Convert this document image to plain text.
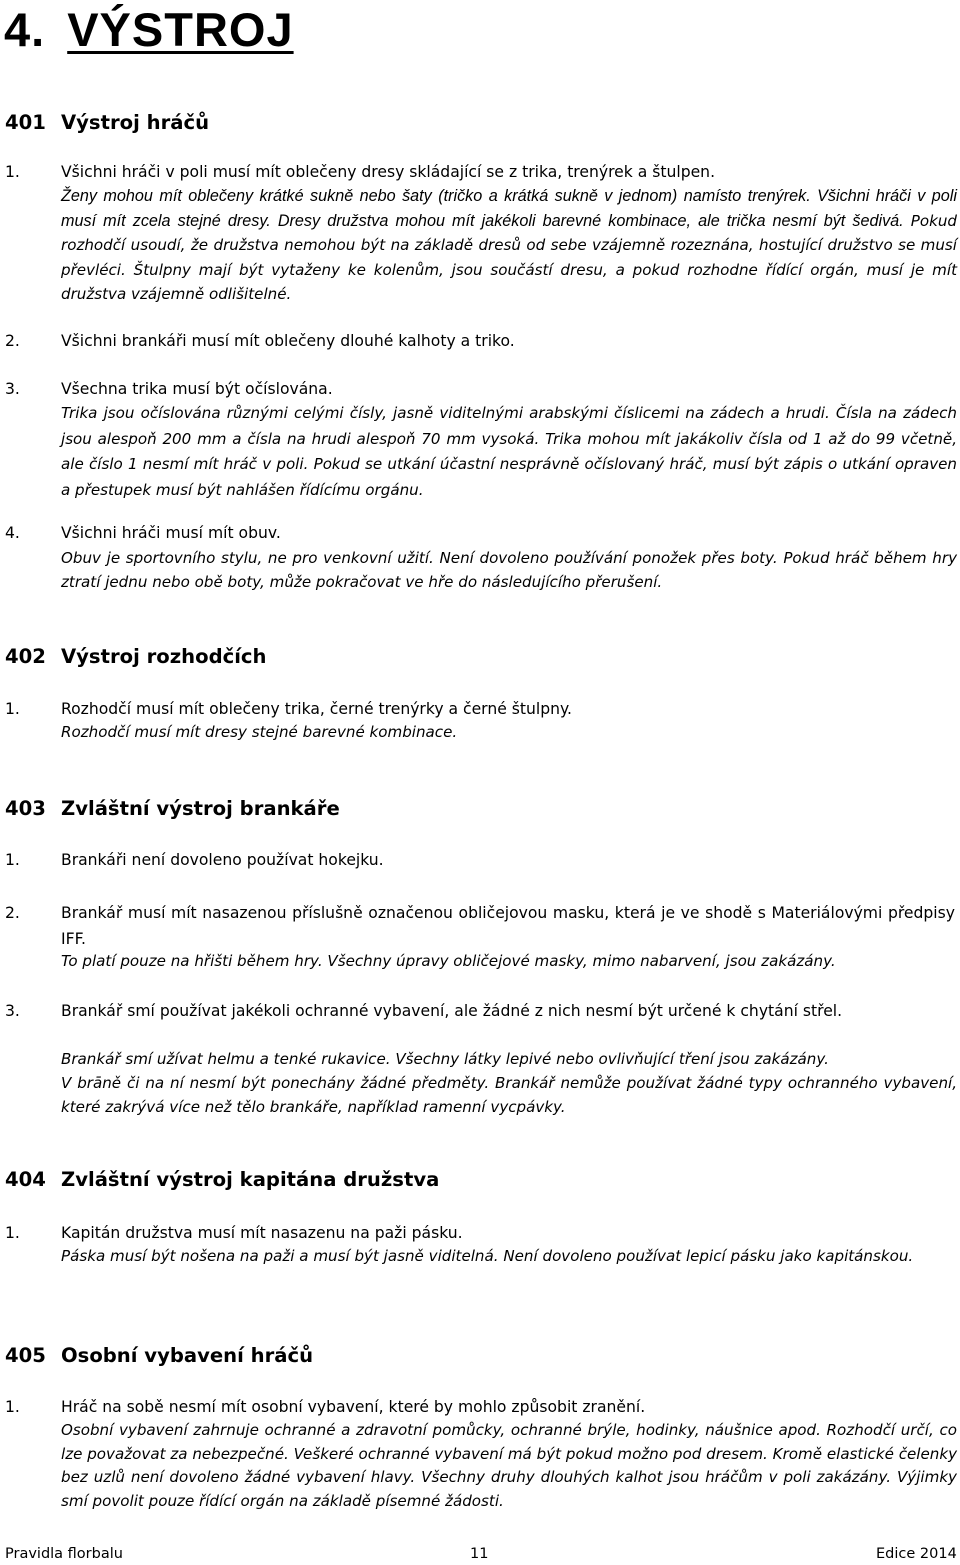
4. VÝSTROJ
401 Výstroj hráčů
1.	Všichni hráči v poli musí mít oblečeny dresy skládající se z trika, trenýrek a štulpen.
Ženy mohou mít oblečeny krátké sukně nebo šaty (tričko a krátká sukně v jednom) namísto trenýrek. Všichni hráči v poli musí mít zcela stejné dresy. Dresy družstva mohou mít jakékoli barevné kombinace, ale trička nesmí být šedivá. Pokud rozhodčí usoudí, že družstva nemohou být na základě dresů od sebe vzájemně rozeznána, hostující družstvo se musí převléci. Štulpny mají být vytaženy ke kolenům, jsou součástí dresu, a pokud rozhodne řídící orgán, musí je mít družstva vzájemně odlišitelné.
2.	Všichni brankáři musí mít oblečeny dlouhé kalhoty a triko.
3.	Všechna trika musí být očíslována.
Trika jsou očíslována různými celými čísly, jasně viditelnými arabskými číslicemi na zádech a hrudi. Čísla na zádech jsou alespoň 200 mm a čísla na hrudi alespoň 70 mm vysoká. Trika mohou mít jakákoliv čísla od 1 až do 99 včetně, ale číslo 1 nesmí mít hráč v poli. Pokud se utkání účastní nesprávně očíslovaný hráč, musí být zápis o utkání opraven a přestupek musí být nahlášen řídícímu orgánu.
4.	Všichni hráči musí mít obuv.
Obuv je sportovního stylu, ne pro venkovní užití. Není dovoleno používání ponožek přes boty. Pokud hráč během hry ztratí jednu nebo obě boty, může pokračovat ve hře do následujícího přerušení.
402 Výstroj rozhodčích
1.	Rozhodčí musí mít oblečeny trika, černé trenýrky a černé štulpny.
Rozhodčí musí mít dresy stejné barevné kombinace.
403 Zvláštní výstroj brankáře
1.	Brankáři není dovoleno používat hokejku.
2.	Brankář musí mít nasazenou příslušně označenou obličejovou masku, která je ve shodě s Materiálovými předpisy IFF.
To platí pouze na hřišti během hry. Všechny úpravy obličejové masky, mimo nabarvení, jsou zakázány.
3.	Brankář smí používat jakékoli ochranné vybavení, ale žádné z nich nesmí být určené k chytání střel.
Brankář smí užívat helmu a tenké rukavice. Všechny látky lepivé nebo ovlivňující tření jsou zakázány.
V brāně či na ní nesmí být ponechány žádné předměty. Brankář nemůže používat žádné typy ochranného vybavení, které zakrývá více než tělo brankáře, například ramenní vycpávky.
404 Zvláštní výstroj kapitána družstva
1.	Kapitán družstva musí mít nasazenu na paži pásku.
Páska musí být nošena na paži a musí být jasně viditelná. Není dovoleno používat lepicí pásku jako kapitánskou.
405 Osobní vybavení hráčů
1.	Hráč na sobě nesmí mít osobní vybavení, které by mohlo způsobit zranění.
Osobní vybavení zahrnuje ochranné a zdravotní pomůcky, ochranné brýle, hodinky, náušnice apod. Rozhodčí určí, co lze považovat za nebezpečné. Veškeré ochranné vybavení má být pokud možno pod dresem. Kromě elastické čelenky bez uzlů není dovoleno žádné vybavení hlavy. Všechny druhy dlouhých kalhot jsou hráčům v poli zakázány. Výjimky smí povolit pouze řídící orgán na základě písemné žádosti.
Pravidla florbalu	11	Edice 2014
